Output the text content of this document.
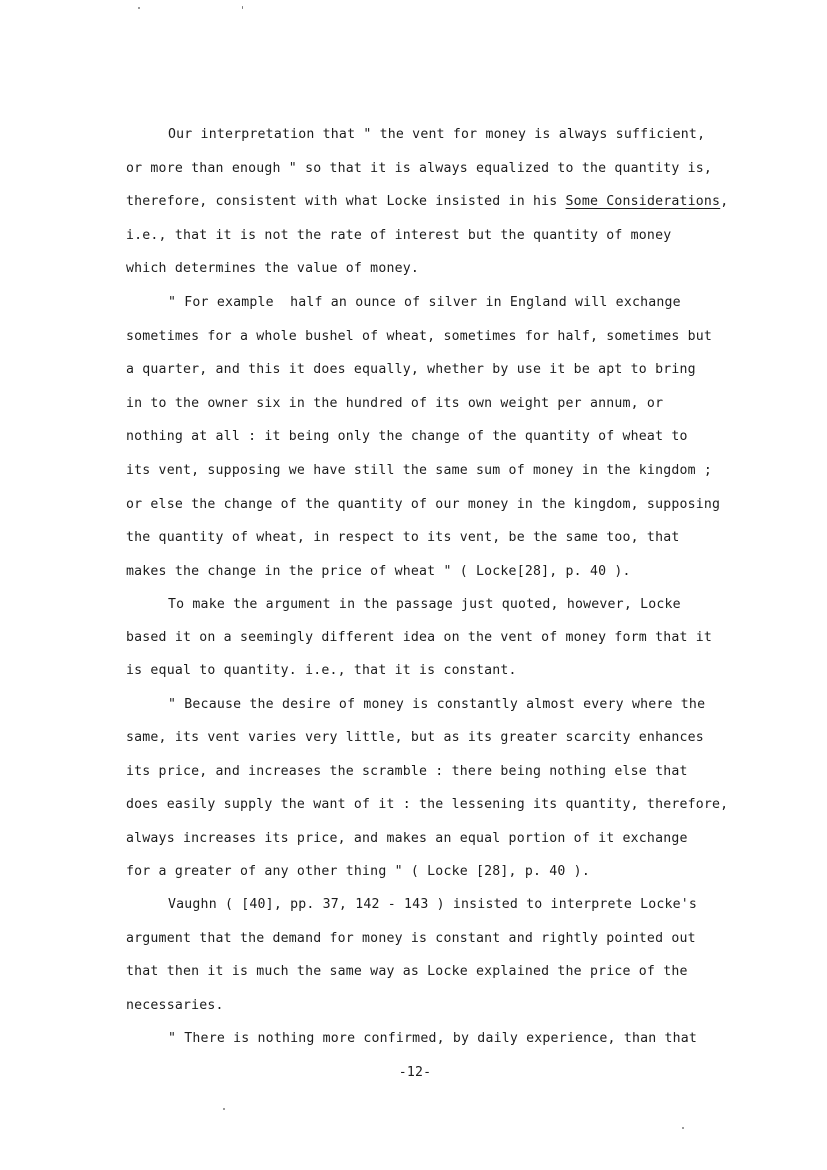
Our interpretation that " the vent for money is always sufficient,
or more than enough " so that it is always equalized to the quantity is,
therefore, consistent with what Locke insisted in his Some Considerations,
i.e., that it is not the rate of interest but the quantity of money
which determines the value of money.
" For example  half an ounce of silver in England will exchange
sometimes for a whole bushel of wheat, sometimes for half, sometimes but
a quarter, and this it does equally, whether by use it be apt to bring
in to the owner six in the hundred of its own weight per annum, or
nothing at all : it being only the change of the quantity of wheat to
its vent, supposing we have still the same sum of money in the kingdom ;
or else the change of the quantity of our money in the kingdom, supposing
the quantity of wheat, in respect to its vent, be the same too, that
makes the change in the price of wheat " ( Locke[28], p. 40 ).
To make the argument in the passage just quoted, however, Locke
based it on a seemingly different idea on the vent of money form that it
is equal to quantity. i.e., that it is constant.
" Because the desire of money is constantly almost every where the
same, its vent varies very little, but as its greater scarcity enhances
its price, and increases the scramble : there being nothing else that
does easily supply the want of it : the lessening its quantity, therefore,
always increases its price, and makes an equal portion of it exchange
for a greater of any other thing " ( Locke [28], p. 40 ).
Vaughn ( [40], pp. 37, 142 - 143 ) insisted to interprete Locke's
argument that the demand for money is constant and rightly pointed out
that then it is much the same way as Locke explained the price of the
necessaries.
" There is nothing more confirmed, by daily experience, than that
-12-
